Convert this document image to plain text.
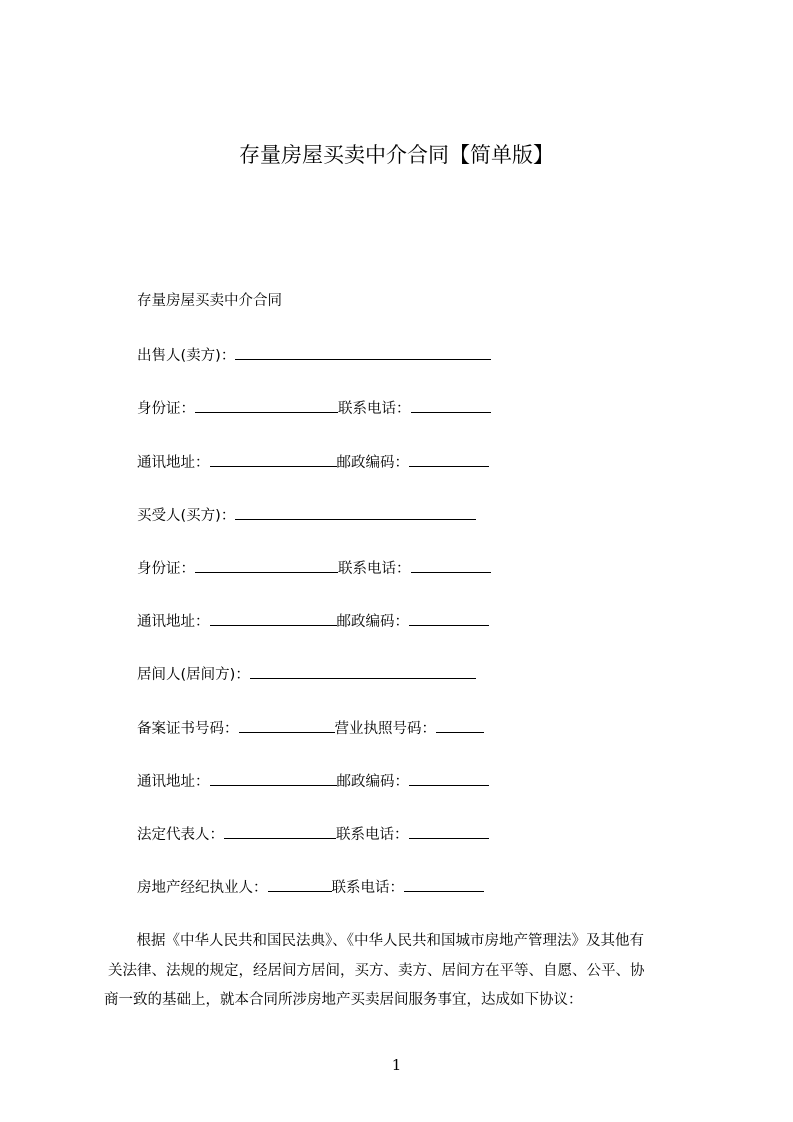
存量房屋买卖中介合同【简单版】
存量房屋买卖中介合同
出售人(卖方)：
身份证：	联系电话：
通讯地址：	邮政编码：
买受人(买方)：
身份证：	联系电话：
通讯地址：	邮政编码：
居间人(居间方)：
备案证书号码：	营业执照号码：
通讯地址：	邮政编码：
法定代表人：	联系电话：
房地产经纪执业人：	联系电话：
　根据《中华人民共和国民法典》、《中华人民共和国城市房地产管理法》及其他有
关法律、法规的规定，经居间方居间，买方、卖方、居间方在平等、自愿、公平、协
商一致的基础上，就本合同所涉房地产买卖居间服务事宜，达成如下协议：
1
